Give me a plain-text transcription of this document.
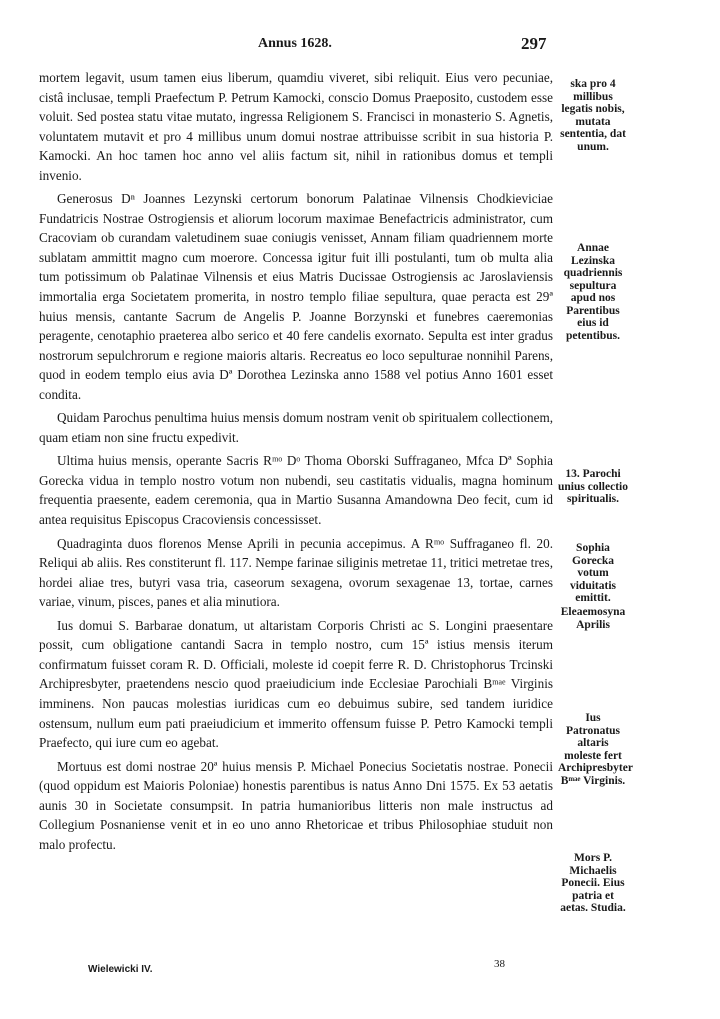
Annus 1628.	297

mortem legavit, usum tamen eius liberum, quamdiu viveret, sibi reliquit. Eius vero pecuniae, cistâ inclusae, templi Praefectum P. Petrum Kamocki, conscio Domus Praeposito, custodem esse voluit. Sed postea statu vitae mutato, ingressa Religionem S. Francisci in monasterio S. Agnetis, voluntatem mutavit et pro 4 millibus unum domui nostrae attribuisse scribit in sua historia P. Kamocki. An hoc tamen hoc anno vel aliis factum sit, nihil in rationibus domus et templi invenio.

Generosus Dⁿ Joannes Lezynski certorum bonorum Palatinae Vilnensis Chodkieviciae Fundatricis Nostrae Ostrogiensis et aliorum locorum maximae Benefactricis administrator, cum Cracoviam ob curandam valetudinem suae coniugis venisset, Annam filiam quadriennem morte sublatam ammittit magno cum moerore. Concessa igitur fuit illi postulanti, tum ob multa alia tum potissimum ob Palatinae Vilnensis et eius Matris Ducissae Ostrogiensis ac Jaroslaviensis immortalia erga Societatem promerita, in nostro templo filiae sepultura, quae peracta est 29ª huius mensis, cantante Sacrum de Angelis P. Joanne Borzynski et funebres caeremonias peragente, cenotaphio praeterea albo serico et 40 fere candelis exornato. Sepulta est inter gradus nostrorum sepulchrorum e regione maioris altaris. Recreatus eo loco sepulturae nonnihil Parens, quod in eodem templo eius avia Dª Dorothea Lezinska anno 1588 vel potius Anno 1601 esset condita.

Quidam Parochus penultima huius mensis domum nostram venit ob spiritualem collectionem, quam etiam non sine fructu expedivit.

Ultima huius mensis, operante Sacris Rᵐᵒ Dᵒ Thoma Oborski Suffraganeo, Mfca Dª Sophia Gorecka vidua in templo nostro votum non nubendi, seu castitatis vidualis, magna hominum frequentia praesente, eadem ceremonia, qua in Martio Susanna Amandowna Deo fecit, cum id antea requisitus Episcopus Cracoviensis concessisset.

Quadraginta duos florenos Mense Aprili in pecunia accepimus. A Rᵐᵒ Suffraganeo fl. 20. Reliqui ab aliis. Res constiterunt fl. 117. Nempe farinae siliginis metretae 11, tritici metretae tres, hordei aliae tres, butyri vasa tria, caseorum sexagena, ovorum sexagenae 13, tortae, carnes variae, vinum, pisces, panes et alia minutiora.

Ius domui S. Barbarae donatum, ut altaristam Corporis Christi ac S. Longini praesentare possit, cum obligatione cantandi Sacra in templo nostro, cum 15ª istius mensis iterum confirmatum fuisset coram R. D. Officiali, moleste id coepit ferre R. D. Christophorus Trcinski Archipresbyter, praetendens nescio quod praeiudicium inde Ecclesiae Parochiali Bᵐᵃᵉ Virginis imminens. Non paucas molestias iuridicas cum eo debuimus subire, sed tandem iuridice ostensum, nullum eum pati praeiudicium et immerito offensum fuisse P. Petro Kamocki templi Praefecto, qui iure cum eo agebat.

Mortuus est domi nostrae 20ª huius mensis P. Michael Ponecius Societatis nostrae. Ponecii (quod oppidum est Maioris Poloniae) honestis parentibus is natus Anno Dni 1575. Ex 53 aetatis aunis 30 in Societate consumpsit. In patria humanioribus litteris non male instructus ad Collegium Posnaniense venit et in eo uno anno Rhetoricae et tribus Philosophiae studuit non malo profectu.

ska pro 4 millibus legatis nobis, mutata sententia, dat unum.
Annae Lezinska quadriennis sepultura apud nos Parentibus eius id petentibus.
13. Parochi unius collectio spiritualis.
Sophia Gorecka votum viduitatis emittit.
Eleaemosyna Aprilis
Ius Patronatus altaris moleste fert Archipresbyter Bᵐᵃᵉ Virginis.
Mors P. Michaelis Ponecii. Eius patria et aetas. Studia.
Wielewicki IV.	38
